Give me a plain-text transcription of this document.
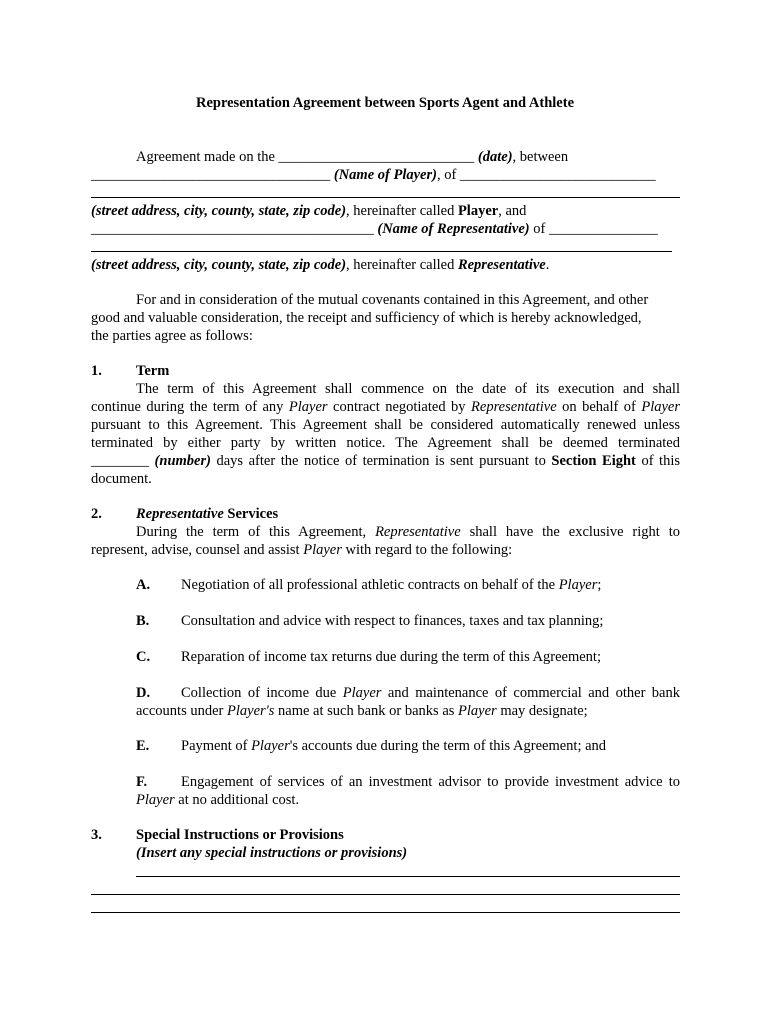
Representation Agreement between Sports Agent and Athlete
Agreement made on the ___________________________ (date), between
_________________________________ (Name of Player), of ___________________________
(street address, city, county, state, zip code), hereinafter called Player, and
_______________________________________ (Name of Representative) of _______________
(street address, city, county, state, zip code), hereinafter called Representative.
For and in consideration of the mutual covenants contained in this Agreement, and other
good and valuable consideration, the receipt and sufficiency of which is hereby acknowledged,
the parties agree as follows:
1. Term
The term of this Agreement shall commence on the date of its execution and shall
continue during the term of any Player contract negotiated by Representative on behalf of Player
pursuant to this Agreement. This Agreement shall be considered automatically renewed unless
terminated by either party by written notice. The Agreement shall be deemed terminated
________ (number) days after the notice of termination is sent pursuant to Section Eight of this
document.
2. Representative Services
During the term of this Agreement, Representative shall have the exclusive right to
represent, advise, counsel and assist Player with regard to the following:
A. Negotiation of all professional athletic contracts on behalf of the Player;
B. Consultation and advice with respect to finances, taxes and tax planning;
C. Reparation of income tax returns due during the term of this Agreement;
D. Collection of income due Player and maintenance of commercial and other bank
accounts under Player's name at such bank or banks as Player may designate;
E. Payment of Player's accounts due during the term of this Agreement; and
F. Engagement of services of an investment advisor to provide investment advice to
Player at no additional cost.
3. Special Instructions or Provisions
(Insert any special instructions or provisions)
